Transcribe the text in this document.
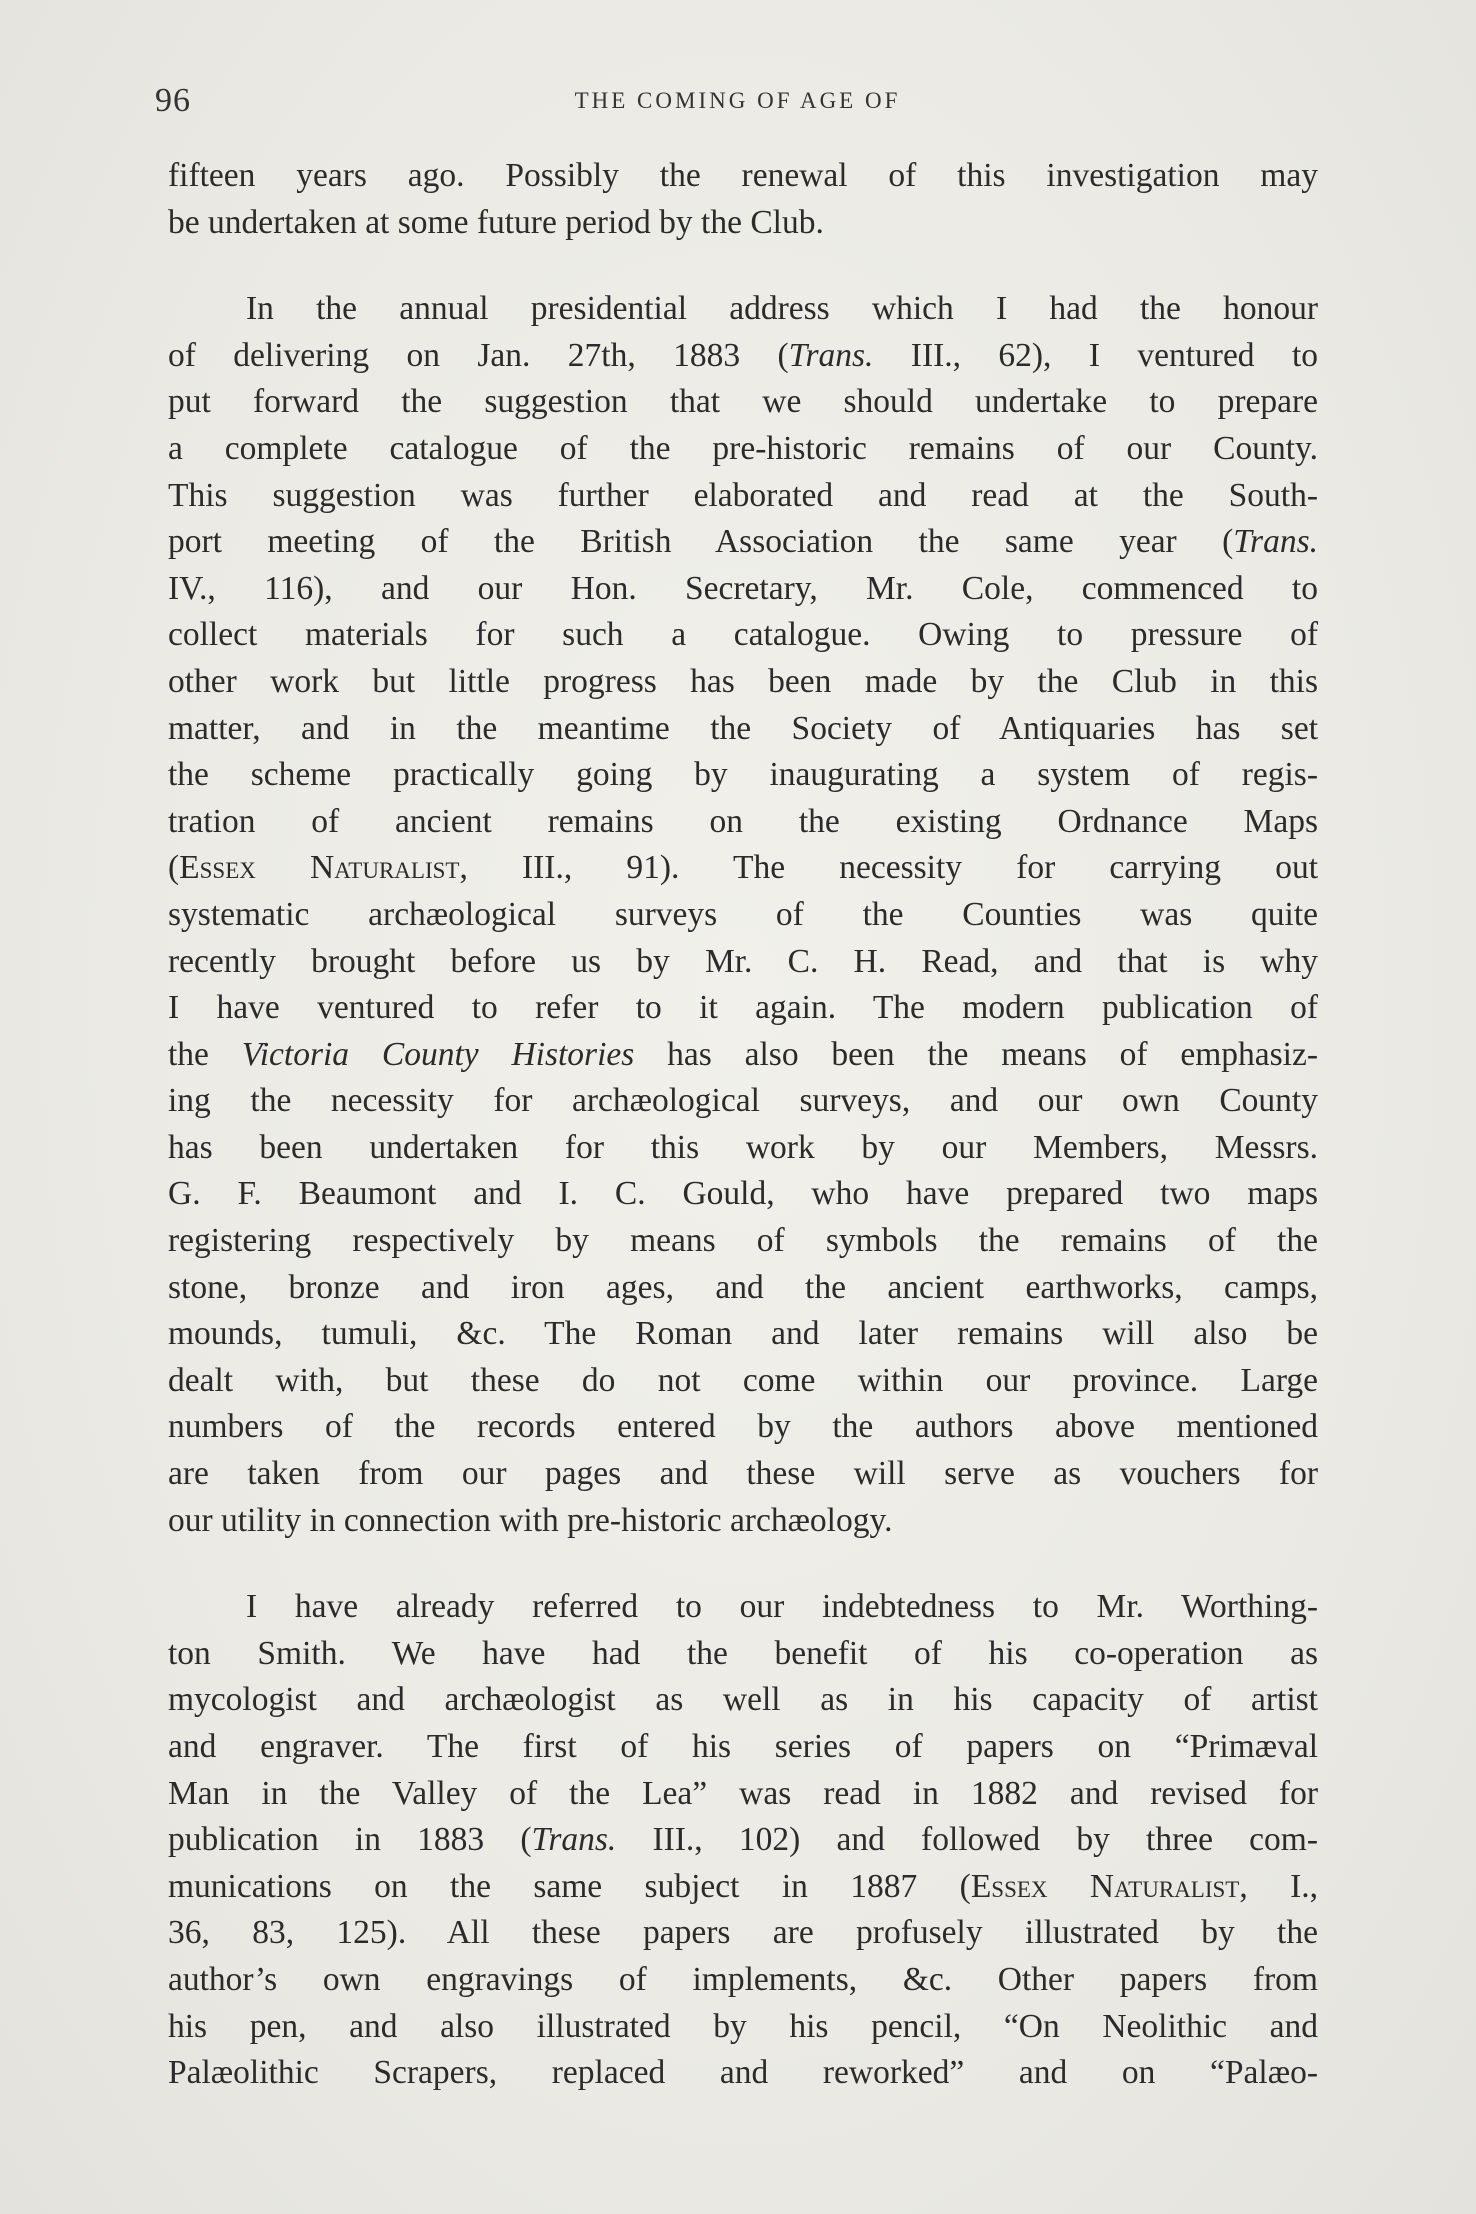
96	THE COMING OF AGE OF

fifteen years ago. Possibly the renewal of this investigation may
be undertaken at some future period by the Club.

In the annual presidential address which I had the honour
of delivering on Jan. 27th, 1883 (Trans. III., 62), I ventured to
put forward the suggestion that we should undertake to prepare
a complete catalogue of the pre-historic remains of our County.
This suggestion was further elaborated and read at the South-
port meeting of the British Association the same year (Trans.
IV., 116), and our Hon. Secretary, Mr. Cole, commenced to
collect materials for such a catalogue. Owing to pressure of
other work but little progress has been made by the Club in this
matter, and in the meantime the Society of Antiquaries has set
the scheme practically going by inaugurating a system of regis-
tration of ancient remains on the existing Ordnance Maps
(Essex Naturalist, III., 91). The necessity for carrying out
systematic archæological surveys of the Counties was quite
recently brought before us by Mr. C. H. Read, and that is why
I have ventured to refer to it again. The modern publication of
the Victoria County Histories has also been the means of emphasiz-
ing the necessity for archæological surveys, and our own County
has been undertaken for this work by our Members, Messrs.
G. F. Beaumont and I. C. Gould, who have prepared two maps
registering respectively by means of symbols the remains of the
stone, bronze and iron ages, and the ancient earthworks, camps,
mounds, tumuli, &c. The Roman and later remains will also be
dealt with, but these do not come within our province. Large
numbers of the records entered by the authors above mentioned
are taken from our pages and these will serve as vouchers for
our utility in connection with pre-historic archæology.

I have already referred to our indebtedness to Mr. Worthing-
ton Smith. We have had the benefit of his co-operation as
mycologist and archæologist as well as in his capacity of artist
and engraver. The first of his series of papers on “Primæval
Man in the Valley of the Lea” was read in 1882 and revised for
publication in 1883 (Trans. III., 102) and followed by three com-
munications on the same subject in 1887 (Essex Naturalist, I.,
36, 83, 125). All these papers are profusely illustrated by the
author’s own engravings of implements, &c. Other papers from
his pen, and also illustrated by his pencil, “On Neolithic and
Palæolithic Scrapers, replaced and reworked” and on “Palæo-
